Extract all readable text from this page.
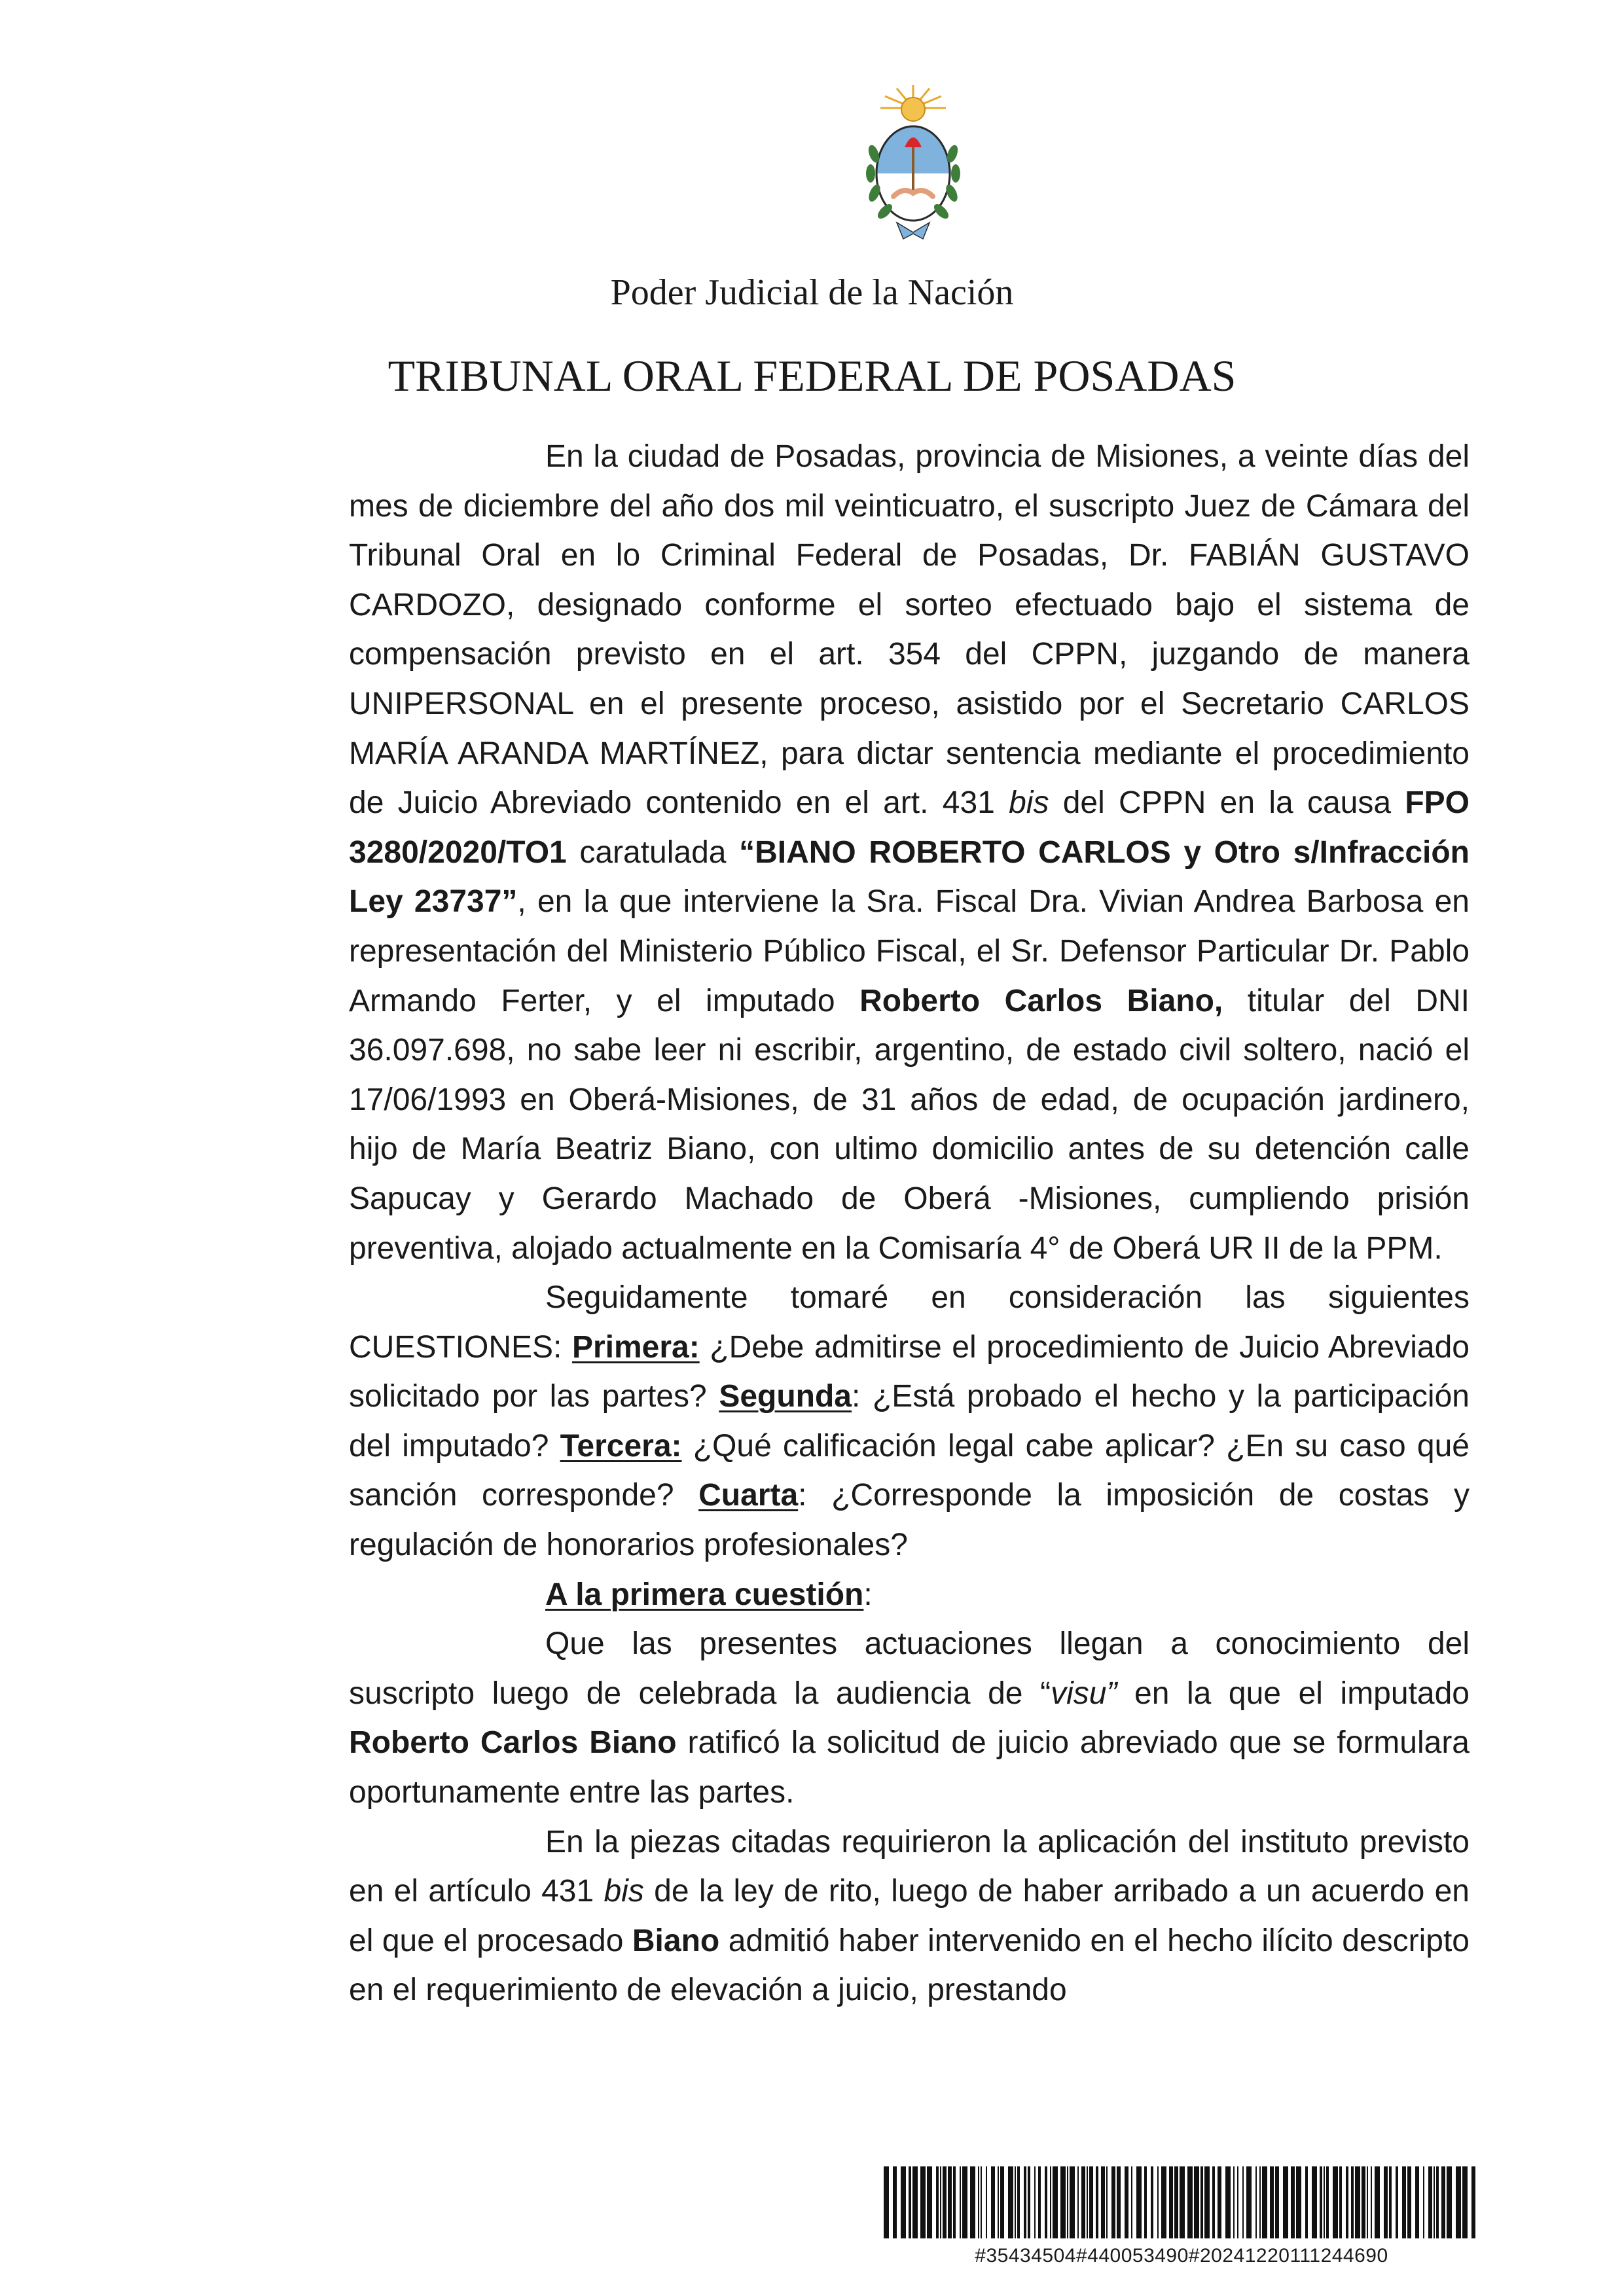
Poder Judicial de la Nación
TRIBUNAL ORAL FEDERAL DE POSADAS

En la ciudad de Posadas, provincia de Misiones, a veinte días del mes de diciembre del año dos mil veinticuatro, el suscripto Juez de Cámara del Tribunal Oral en lo Criminal Federal de Posadas, Dr. FABIÁN GUSTAVO CARDOZO, designado conforme el sorteo efectuado bajo el sistema de compensación previsto en el art. 354 del CPPN, juzgando de manera UNIPERSONAL en el presente proceso, asistido por el Secretario CARLOS MARÍA ARANDA MARTÍNEZ, para dictar sentencia mediante el procedimiento de Juicio Abreviado contenido en el art. 431 bis del CPPN en la causa FPO 3280/2020/TO1 caratulada “BIANO ROBERTO CARLOS y Otro s/Infracción Ley 23737”, en la que interviene la Sra. Fiscal Dra. Vivian Andrea Barbosa en representación del Ministerio Público Fiscal, el Sr. Defensor Particular Dr. Pablo Armando Ferter, y el imputado Roberto Carlos Biano, titular del DNI 36.097.698, no sabe leer ni escribir, argentino, de estado civil soltero, nació el 17/06/1993 en Oberá-Misiones, de 31 años de edad, de ocupación jardinero, hijo de María Beatriz Biano, con ultimo domicilio antes de su detención calle Sapucay y Gerardo Machado de Oberá -Misiones, cumpliendo prisión preventiva, alojado actualmente en la Comisaría 4° de Oberá UR II de la PPM.

Seguidamente tomaré en consideración las siguientes CUESTIONES: Primera: ¿Debe admitirse el procedimiento de Juicio Abreviado solicitado por las partes? Segunda: ¿Está probado el hecho y la participación del imputado? Tercera: ¿Qué calificación legal cabe aplicar? ¿En su caso qué sanción corresponde? Cuarta: ¿Corresponde la imposición de costas y regulación de honorarios profesionales?

A la primera cuestión:

Que las presentes actuaciones llegan a conocimiento del suscripto luego de celebrada la audiencia de “visu” en la que el imputado Roberto Carlos Biano ratificó la solicitud de juicio abreviado que se formulara oportunamente entre las partes.

En la piezas citadas requirieron la aplicación del instituto previsto en el artículo 431 bis de la ley de rito, luego de haber arribado a un acuerdo en el que el procesado Biano admitió haber intervenido en el hecho ilícito descripto en el requerimiento de elevación a juicio, prestando

#35434504#440053490#20241220111244690
